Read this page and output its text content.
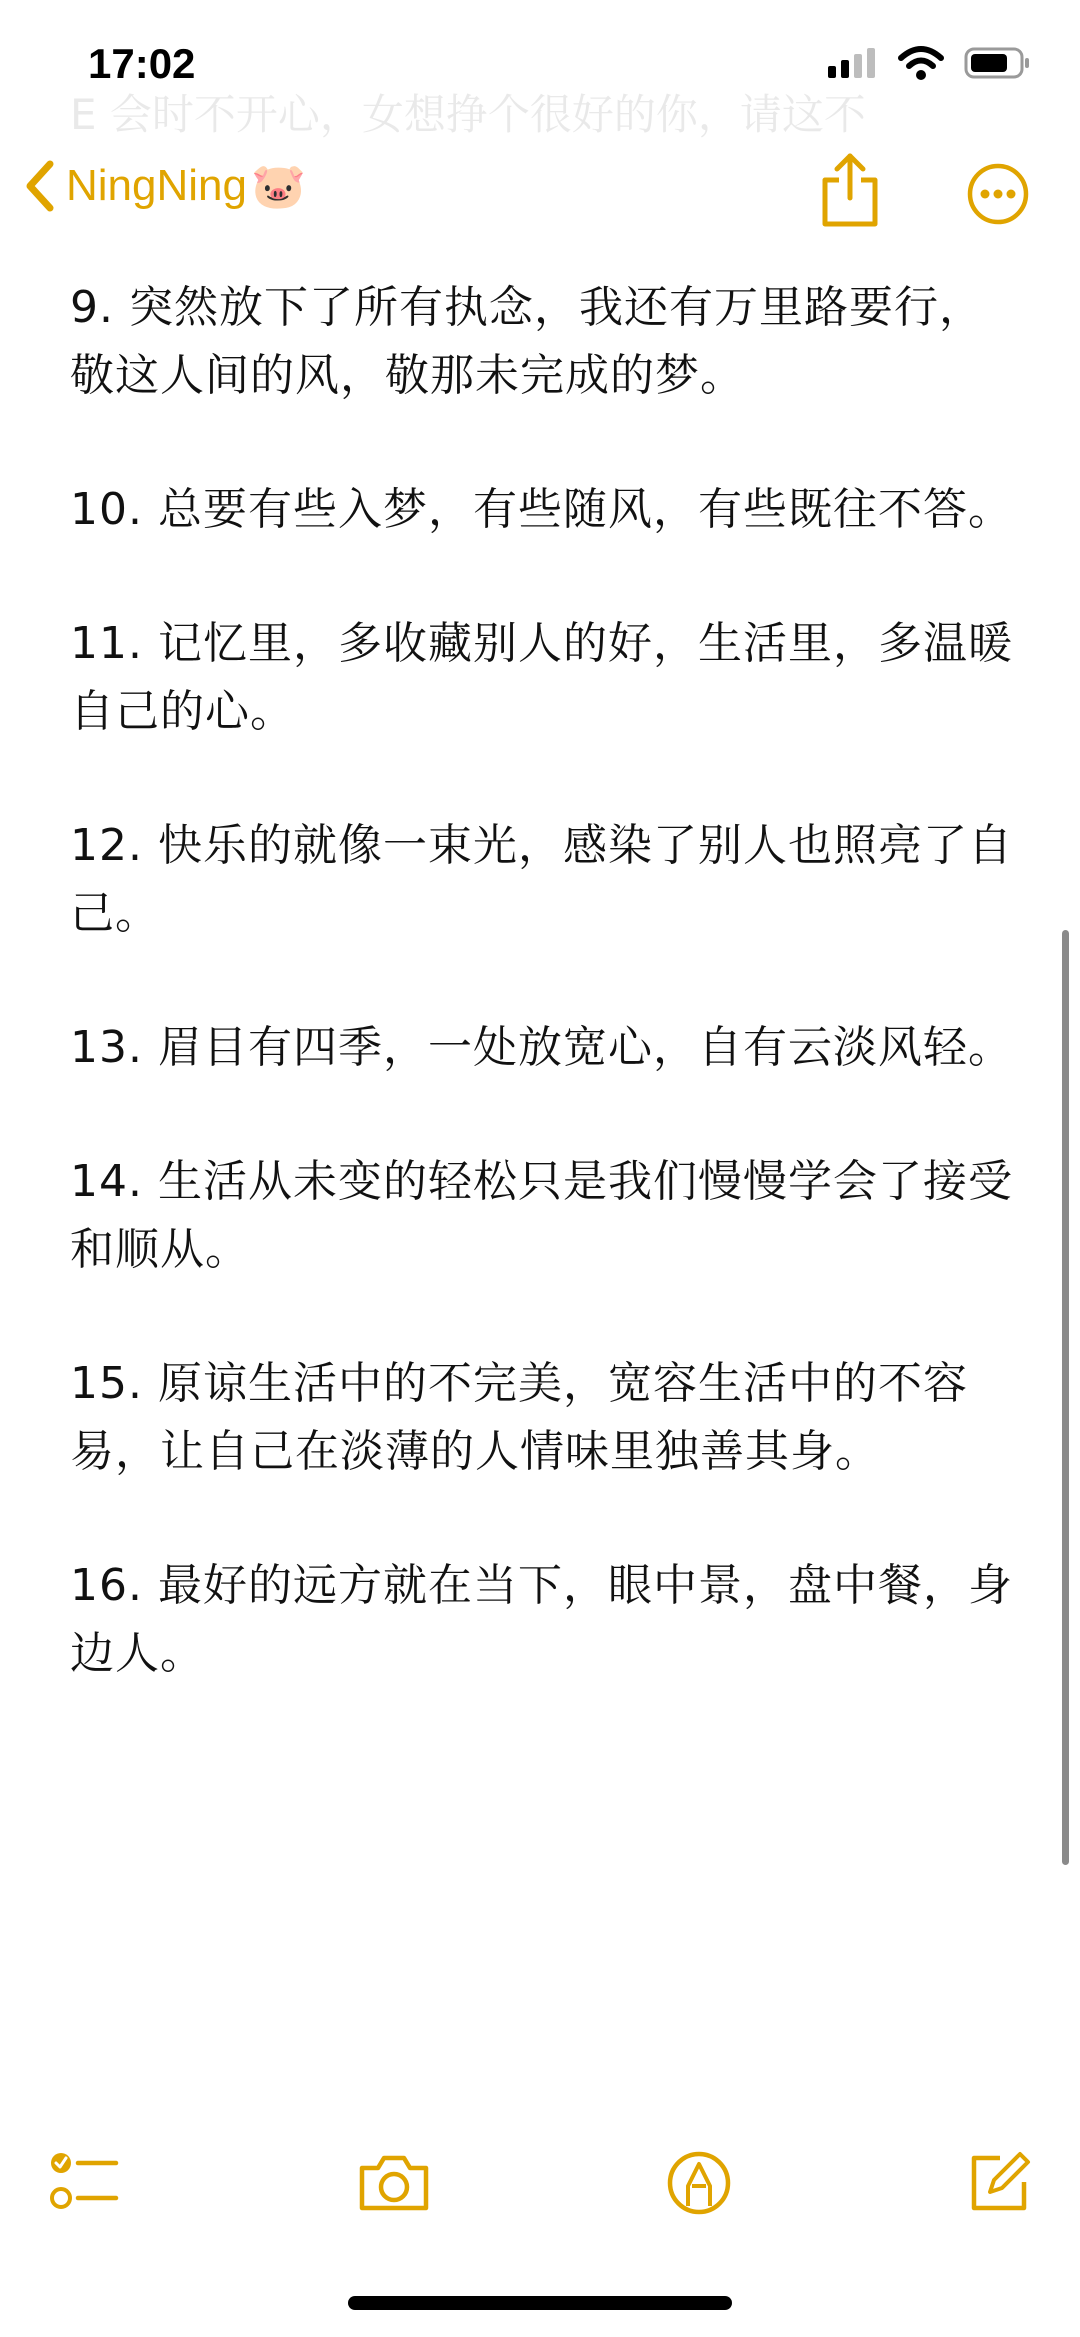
17:02
E 会时不开心，女想挣个很好的你，请这不
NingNing 🐷

9. 突然放下了所有执念，我还有万里路要行，敬这人间的风，敬那未完成的梦。

10. 总要有些入梦，有些随风，有些既往不答。

11. 记忆里，多收藏别人的好，生活里，多温暖自己的心。

12. 快乐的就像一束光，感染了别人也照亮了自己。

13. 眉目有四季，一处放宽心，自有云淡风轻。

14. 生活从未变的轻松只是我们慢慢学会了接受和顺从。

15. 原谅生活中的不完美，宽容生活中的不容易，让自己在淡薄的人情味里独善其身。

16. 最好的远方就在当下，眼中景，盘中餐，身边人。
